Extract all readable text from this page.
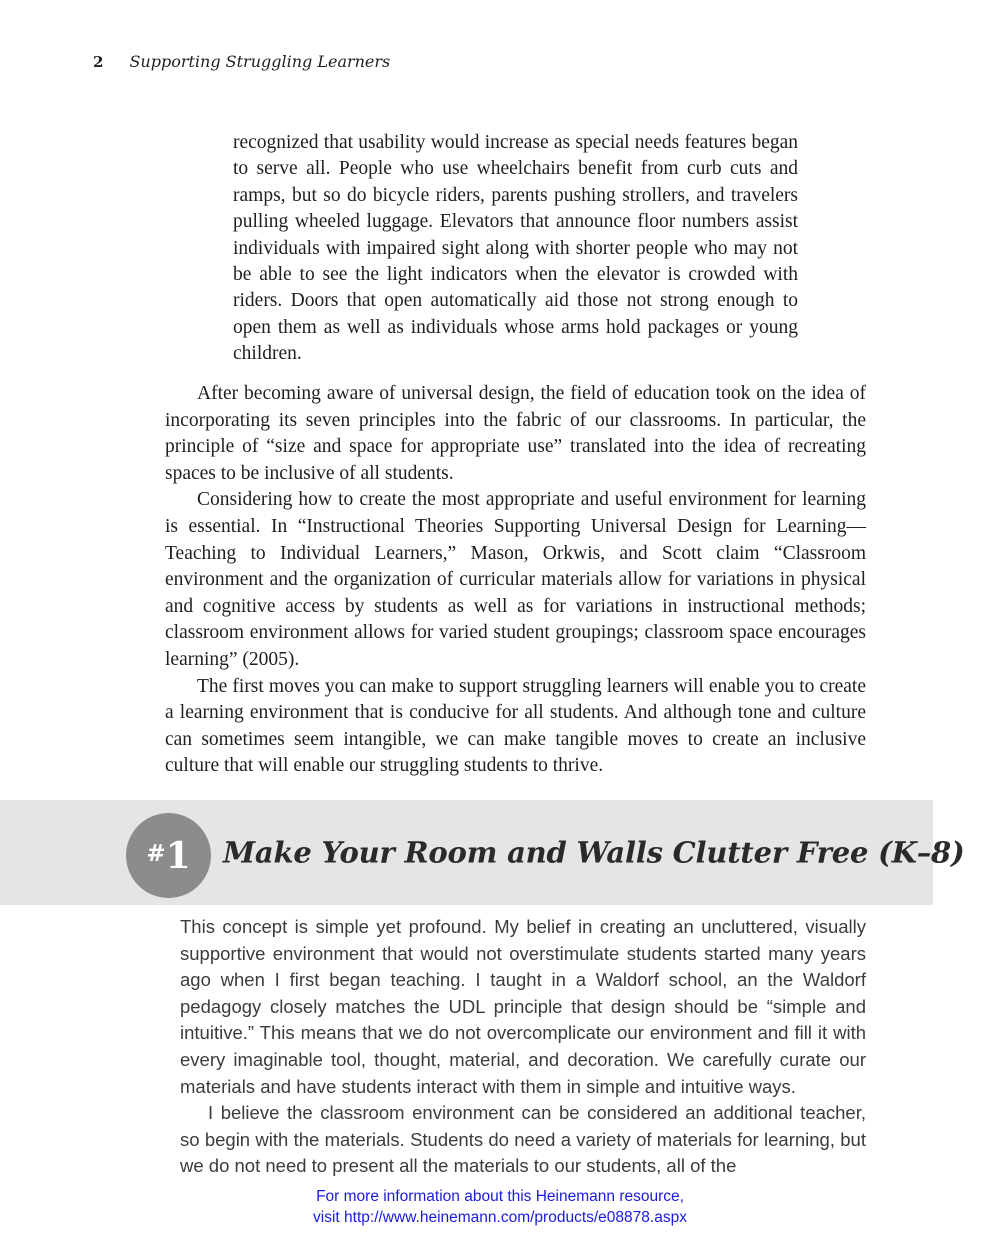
2 Supporting Struggling Learners
recognized that usability would increase as special needs features began to serve all. People who use wheelchairs benefit from curb cuts and ramps, but so do bicycle riders, parents pushing strollers, and travelers pulling wheeled luggage. Elevators that announce floor numbers assist individuals with impaired sight along with shorter people who may not be able to see the light indicators when the elevator is crowded with riders. Doors that open automatically aid those not strong enough to open them as well as individuals whose arms hold packages or young children.

After becoming aware of universal design, the field of education took on the idea of incorporating its seven principles into the fabric of our classrooms. In particular, the principle of “size and space for appropriate use” translated into the idea of recreating spaces to be inclusive of all students.

Considering how to create the most appropriate and useful environment for learning is essential. In “Instructional Theories Supporting Universal Design for Learning—Teaching to Individual Learners,” Mason, Orkwis, and Scott claim “Classroom environment and the organization of curricular materials allow for variations in physical and cognitive access by students as well as for variations in instructional methods; classroom environment allows for varied student groupings; classroom space encourages learning” (2005).

The first moves you can make to support struggling learners will enable you to create a learning environment that is conducive for all students. And although tone and culture can sometimes seem intangible, we can make tangible moves to create an inclusive culture that will enable our struggling students to thrive.

# 1 Make Your Room and Walls Clutter Free (K–8)

This concept is simple yet profound. My belief in creating an uncluttered, visually supportive environment that would not overstimulate students started many years ago when I first began teaching. I taught in a Waldorf school, an the Waldorf pedagogy closely matches the UDL principle that design should be “simple and intuitive.” This means that we do not overcomplicate our environment and fill it with every imaginable tool, thought, material, and decoration. We carefully curate our materials and have students interact with them in simple and intuitive ways.

I believe the classroom environment can be considered an additional teacher, so begin with the materials. Students do need a variety of materials for learning, but we do not need to present all the materials to our students, all of the

For more information about this Heinemann resource,
visit http://www.heinemann.com/products/e08878.aspx
